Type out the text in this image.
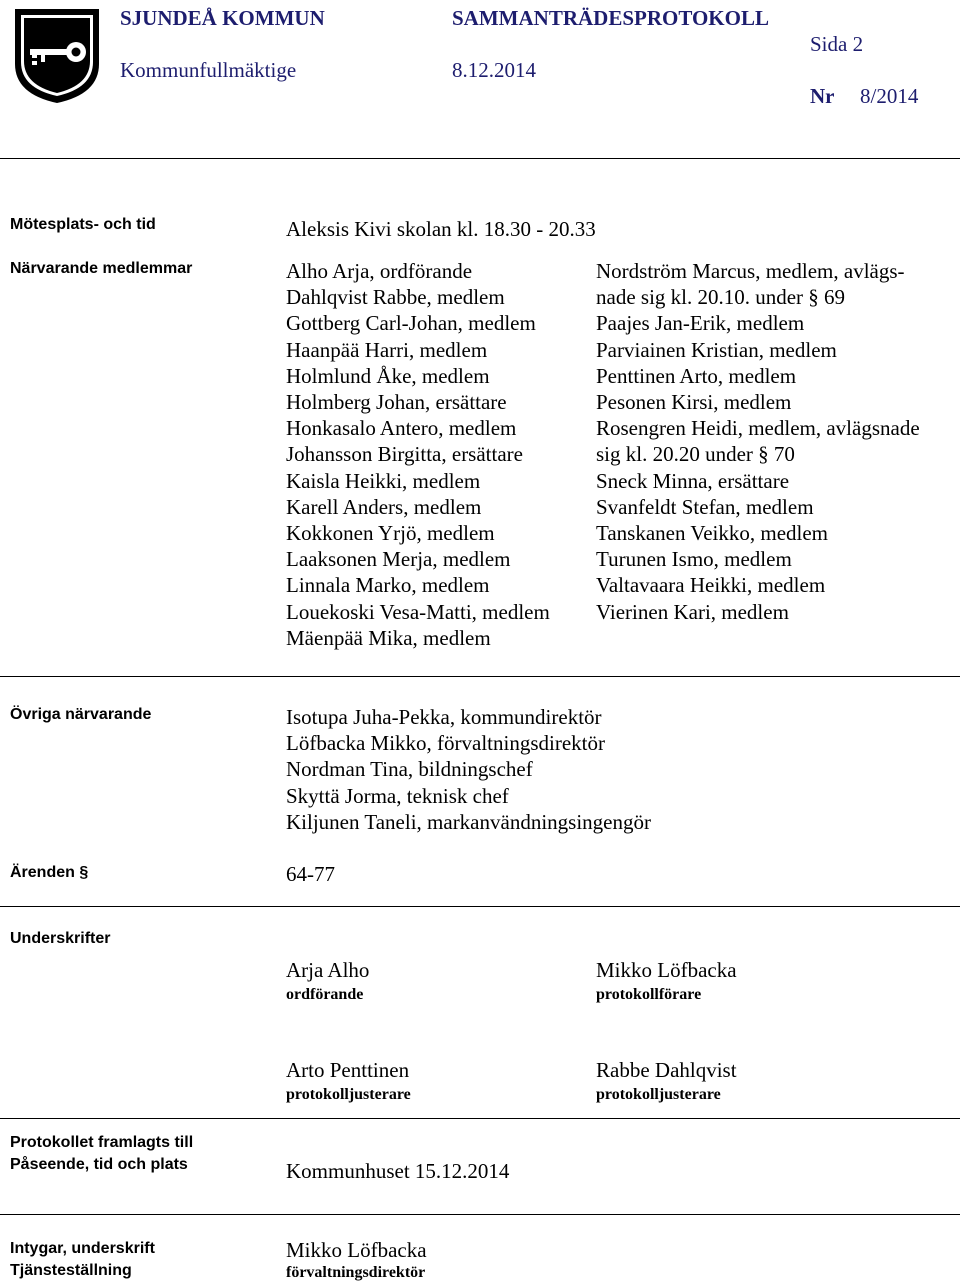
SJUNDEÅ KOMMUN	SAMMANTRÄDESPROTOKOLL
Kommunfullmäktige	8.12.2014
Sida 2
Nr 8/2014
Mötesplats- och tid	Aleksis Kivi skolan kl. 18.30 - 20.33
Närvarande medlemmar	Alho Arja, ordförande
Dahlqvist Rabbe, medlem
Gottberg Carl-Johan, medlem
Haanpää Harri, medlem
Holmlund Åke, medlem
Holmberg Johan, ersättare
Honkasalo Antero, medlem
Johansson Birgitta, ersättare
Kaisla Heikki, medlem
Karell Anders, medlem
Kokkonen Yrjö, medlem
Laaksonen Merja, medlem
Linnala Marko, medlem
Louekoski Vesa-Matti, medlem
Mäenpää Mika, medlem
Nordström Marcus, medlem, avlägs-
nade sig kl. 20.10. under § 69
Paajes Jan-Erik, medlem
Parviainen Kristian, medlem
Penttinen Arto, medlem
Pesonen Kirsi, medlem
Rosengren Heidi, medlem, avlägsnade
sig kl. 20.20 under § 70
Sneck Minna, ersättare
Svanfeldt Stefan, medlem
Tanskanen Veikko, medlem
Turunen Ismo, medlem
Valtavaara Heikki, medlem
Vierinen Kari, medlem
Övriga närvarande	Isotupa Juha-Pekka, kommundirektör
Löfbacka Mikko, förvaltningsdirektör
Nordman Tina, bildningschef
Skyttä Jorma, teknisk chef
Kiljunen Taneli, markanvändningsingengör
Ärenden §	64-77
Underskrifter
Arja Alho
ordförande
Mikko Löfbacka
protokollförare
Arto Penttinen
protokolljusterare
Rabbe Dahlqvist
protokolljusterare
Protokollet framlagts till
Påseende, tid och plats	Kommunhuset 15.12.2014
Intygar, underskrift
Tjänsteställning
Mikko Löfbacka
förvaltningsdirektör
